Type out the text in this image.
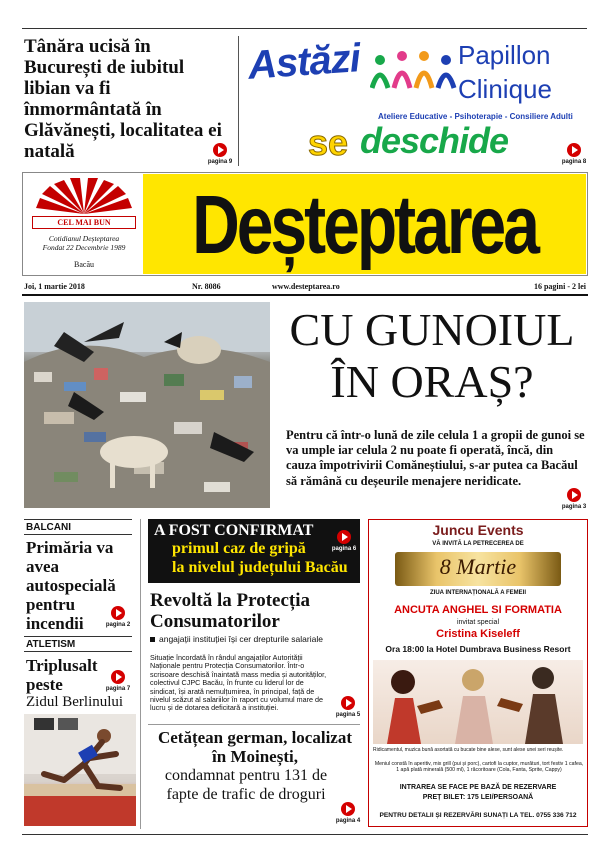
Tânăra ucisă în București de iubitul libian va fi înmormântată în Glăvănești, localitatea ei natală	pagina 9
Astăzi	Papillon
Clinique
Ateliere Educative - Psihoterapie - Consiliere Adulti
se deschide
pagina 8
CEL MAI BUN
Cotidianul Deșteptarea
Fondat 22 Decembrie 1989
Bacău	Deșteptarea
Joi, 1 martie 2018	Nr. 8086	www.desteptarea.ro	16 pagini - 2 lei
CU GUNOIUL ÎN ORAȘ?
Pentru că într-o lună de zile celula 1 a gropii de gunoi se va umple iar celula 2 nu poate fi operată, încă, din cauza împotrivirii Comăneștiului, s-ar putea ca Bacăul să rămână cu deșeurile menajere neridicate.
pagina 3
BALCANI
Primăria va avea autospecială pentru incendii	pagina 2
ATLETISM
Triplusalt peste
Zidul Berlinului
pagina 7
A FOST CONFIRMAT
primul caz de gripă
la nivelul județului Bacău
pagina 6
Revoltă la Protecția Consumatorilor
angajații instituției își cer drepturile salariale
Situație încordată în rândul angajaților Autorității Naționale pentru Protecția Consumatorilor. Într-o scrisoare deschisă înaintată mass media și autorităților, colectivul CJPC Bacău, în frunte cu liderul lor de sindicat, își arată nemulțumirea, în principal, față de nivelul scăzut al salariilor în raport cu volumul mare de lucru și de dotarea deficitară a instituției.
pagina 5
Cetățean german, localizat în Moinești,
condamnat pentru 131 de fapte de trafic de droguri
pagina 4
Juncu Events
VĂ INVITĂ LA PETRECEREA DE
8 Martie
ZIUA INTERNAȚIONALĂ A FEMEII
ANCUTA ANGHEL SI FORMATIA
invitat special
Cristina Kiseleff
Ora 18:00 la Hotel Dumbrava Business Resort
Ridicamentul, muzica bună asortată cu bucate bine alese, sunt alese unei seri reușite.
Meniul constă în aperitiv, mix grill (pui și porc), cartofi la cuptor, murături, tort festiv 1 cafea, 1 apă plată minerală (500 ml), 1 răcoritoare (Cola, Fanta, Sprite, Cappy)
INTRAREA SE FACE PE BAZĂ DE REZERVARE
PREȚ BILET: 175 LEI/PERSOANĂ
PENTRU DETALII ȘI REZERVĂRI SUNAȚI LA TEL. 0755 336 712
